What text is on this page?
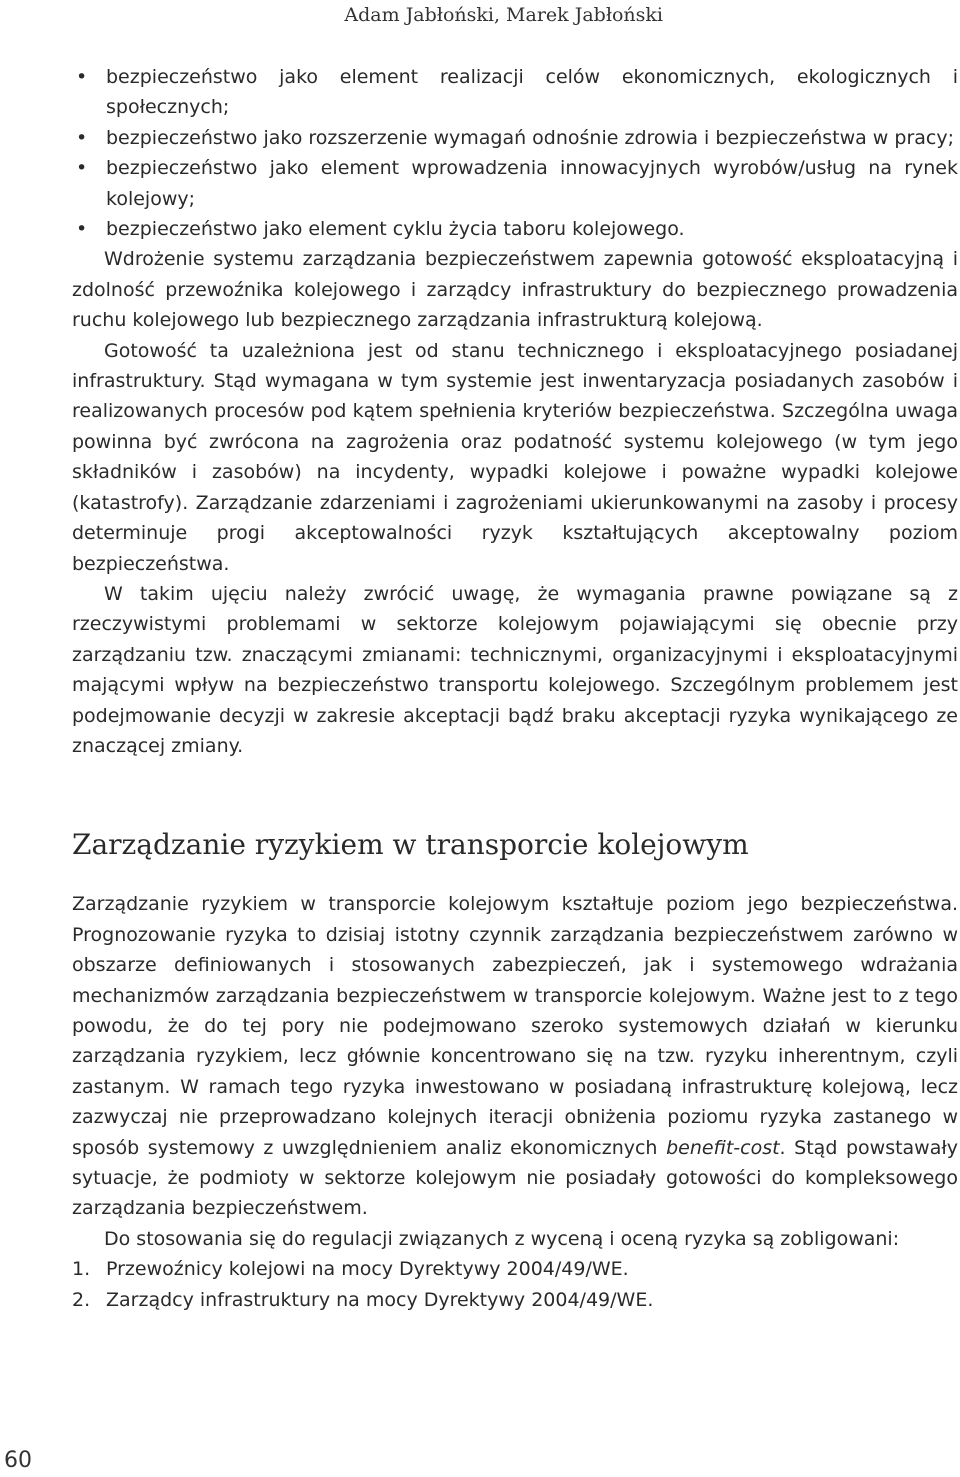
Adam Jabłoński, Marek Jabłoński
• bezpieczeństwo jako element realizacji celów ekonomicznych, ekologicznych i społecznych;
• bezpieczeństwo jako rozszerzenie wymagań odnośnie zdrowia i bezpieczeństwa w pracy;
• bezpieczeństwo jako element wprowadzenia innowacyjnych wyrobów/usług na rynek kolejowy;
• bezpieczeństwo jako element cyklu życia taboru kolejowego.

Wdrożenie systemu zarządzania bezpieczeństwem zapewnia gotowość eksploatacyjną i zdolność przewoźnika kolejowego i zarządcy infrastruktury do bezpiecznego prowadzenia ruchu kolejowego lub bezpiecznego zarządzania infrastrukturą kolejową.

Gotowość ta uzależniona jest od stanu technicznego i eksploatacyjnego posiadanej infrastruktury. Stąd wymagana w tym systemie jest inwentaryzacja posiadanych zasobów i realizowanych procesów pod kątem spełnienia kryteriów bezpieczeństwa. Szczególna uwaga powinna być zwrócona na zagrożenia oraz podatność systemu kolejowego (w tym jego składników i zasobów) na incydenty, wypadki kolejowe i poważne wypadki kolejowe (katastrofy). Zarządzanie zdarzeniami i zagrożeniami ukierunkowanymi na zasoby i procesy determinuje progi akceptowalności ryzyk kształtujących akceptowalny poziom bezpieczeństwa.

W takim ujęciu należy zwrócić uwagę, że wymagania prawne powiązane są z rzeczywistymi problemami w sektorze kolejowym pojawiającymi się obecnie przy zarządzaniu tzw. znaczącymi zmianami: technicznymi, organizacyjnymi i eksploatacyjnymi mającymi wpływ na bezpieczeństwo transportu kolejowego. Szczególnym problemem jest podejmowanie decyzji w zakresie akceptacji bądź braku akceptacji ryzyka wynikającego ze znaczącej zmiany.

Zarządzanie ryzykiem w transporcie kolejowym

Zarządzanie ryzykiem w transporcie kolejowym kształtuje poziom jego bezpieczeństwa. Prognozowanie ryzyka to dzisiaj istotny czynnik zarządzania bezpieczeństwem zarówno w obszarze definiowanych i stosowanych zabezpieczeń, jak i systemowego wdrażania mechanizmów zarządzania bezpieczeństwem w transporcie kolejowym. Ważne jest to z tego powodu, że do tej pory nie podejmowano szeroko systemowych działań w kierunku zarządzania ryzykiem, lecz głównie koncentrowano się na tzw. ryzyku inherentnym, czyli zastanym. W ramach tego ryzyka inwestowano w posiadaną infrastrukturę kolejową, lecz zazwyczaj nie przeprowadzano kolejnych iteracji obniżenia poziomu ryzyka zastanego w sposób systemowy z uwzględnieniem analiz ekonomicznych benefit-cost. Stąd powstawały sytuacje, że podmioty w sektorze kolejowym nie posiadały gotowości do kompleksowego zarządzania bezpieczeństwem.

Do stosowania się do regulacji związanych z wyceną i oceną ryzyka są zobligowani:

1. Przewoźnicy kolejowi na mocy Dyrektywy 2004/49/WE.
2. Zarządcy infrastruktury na mocy Dyrektywy 2004/49/WE.
60
